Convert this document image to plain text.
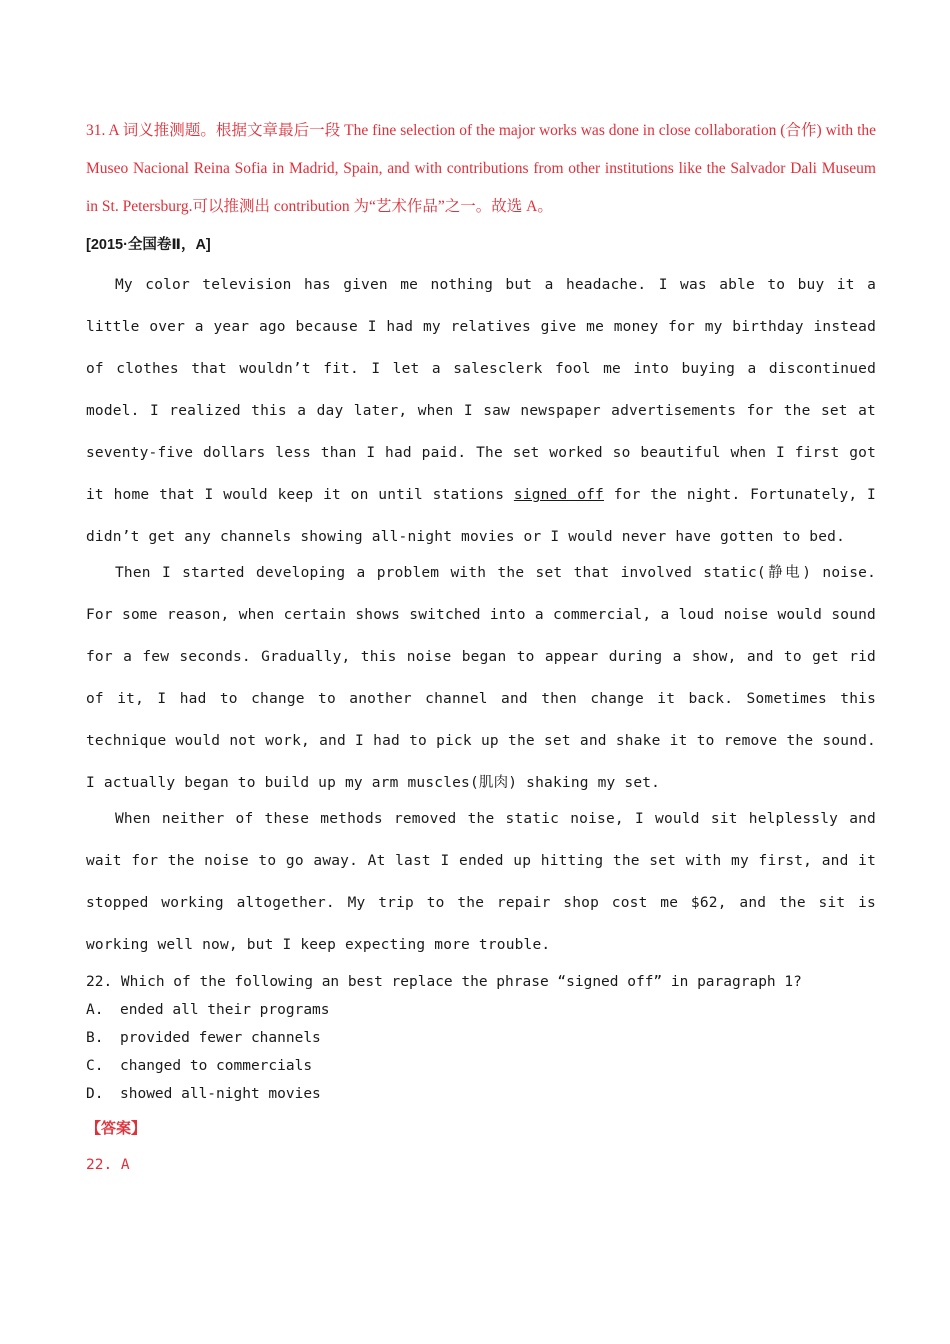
31. A 词义推测题。根据文章最后一段 The fine selection of the major works was done in close collaboration (合作) with the Museo Nacional Reina Sofia in Madrid, Spain, and with contributions from other institutions like the Salvador Dali Museum in St. Petersburg.可以推测出 contribution 为“艺术作品”之一。故选 A。

[2015·全国卷Ⅱ，A]

My color television has given me nothing but a headache. I was able to buy it a little over a year ago because I had my relatives give me money for my birthday instead of clothes that wouldn’t fit. I let a salesclerk fool me into buying a discontinued model. I realized this a day later, when I saw newspaper advertisements for the set at seventy-five dollars less than I had paid. The set worked so beautiful when I first got it home that I would keep it on until stations signed off for the night. Fortunately, I didn’t get any channels showing all-night movies or I would never have gotten to bed.

Then I started developing a problem with the set that involved static(静电) noise. For some reason, when certain shows switched into a commercial, a loud noise would sound for a few seconds. Gradually, this noise began to appear during a show, and to get rid of it, I had to change to another channel and then change it back. Sometimes this technique would not work, and I had to pick up the set and shake it to remove the sound. I actually began to build up my arm muscles(肌肉) shaking my set.

When neither of these methods removed the static noise, I would sit helplessly and wait for the noise to go away. At last I ended up hitting the set with my first, and it stopped working altogether. My trip to the repair shop cost me $62, and the sit is working well now, but I keep expecting more trouble.

22. Which of the following an best replace the phrase “signed off” in paragraph 1?

A. ended all their programs
B. provided fewer channels
C. changed to commercials
D. showed all-night movies
【答案】
22. A
